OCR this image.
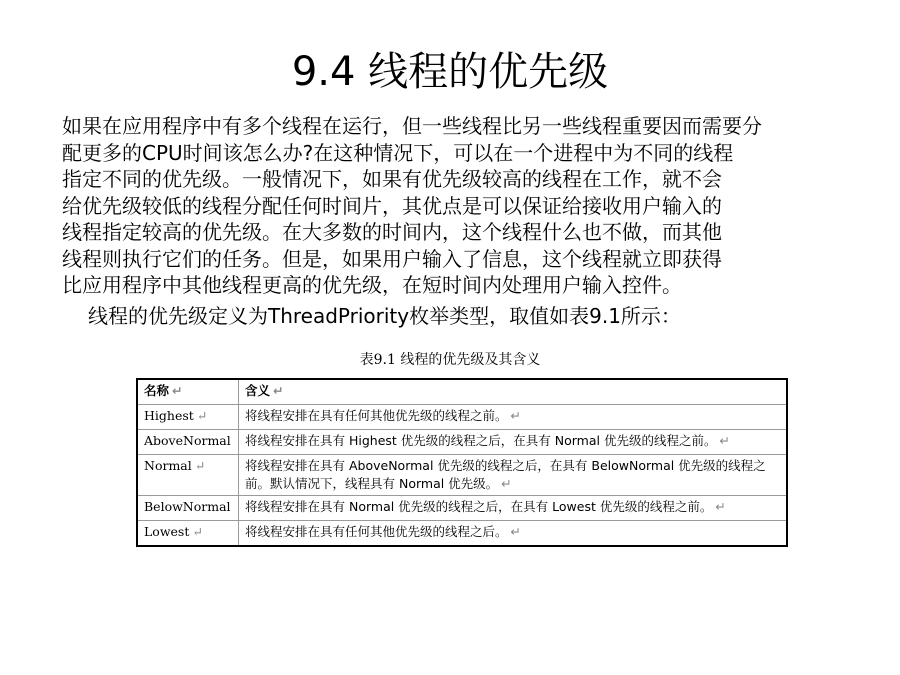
9.4 线程的优先级

如果在应用程序中有多个线程在运行，但一些线程比另一些线程重要因而需要分
配更多的CPU时间该怎么办?在这种情况下，可以在一个进程中为不同的线程
指定不同的优先级。一般情况下，如果有优先级较高的线程在工作，就不会
给优先级较低的线程分配任何时间片，其优点是可以保证给接收用户输入的
线程指定较高的优先级。在大多数的时间内，这个线程什么也不做，而其他
线程则执行它们的任务。但是，如果用户输入了信息，这个线程就立即获得
比应用程序中其他线程更高的优先级，在短时间内处理用户输入控件。

线程的优先级定义为ThreadPriority枚举类型，取值如表9.1所示：

表9.1 线程的优先级及其含义
名称 ↵	含义 ↵
Highest ↵	将线程安排在具有任何其他优先级的线程之前。 ↵
AboveNormal	将线程安排在具有 Highest 优先级的线程之后，在具有 Normal 优先级的线程之前。 ↵
Normal ↵	将线程安排在具有 AboveNormal 优先级的线程之后，在具有 BelowNormal 优先级的线程之前。默认情况下，线程具有 Normal 优先级。 ↵
BelowNormal	将线程安排在具有 Normal 优先级的线程之后，在具有 Lowest 优先级的线程之前。 ↵
Lowest ↵	将线程安排在具有任何其他优先级的线程之后。 ↵
